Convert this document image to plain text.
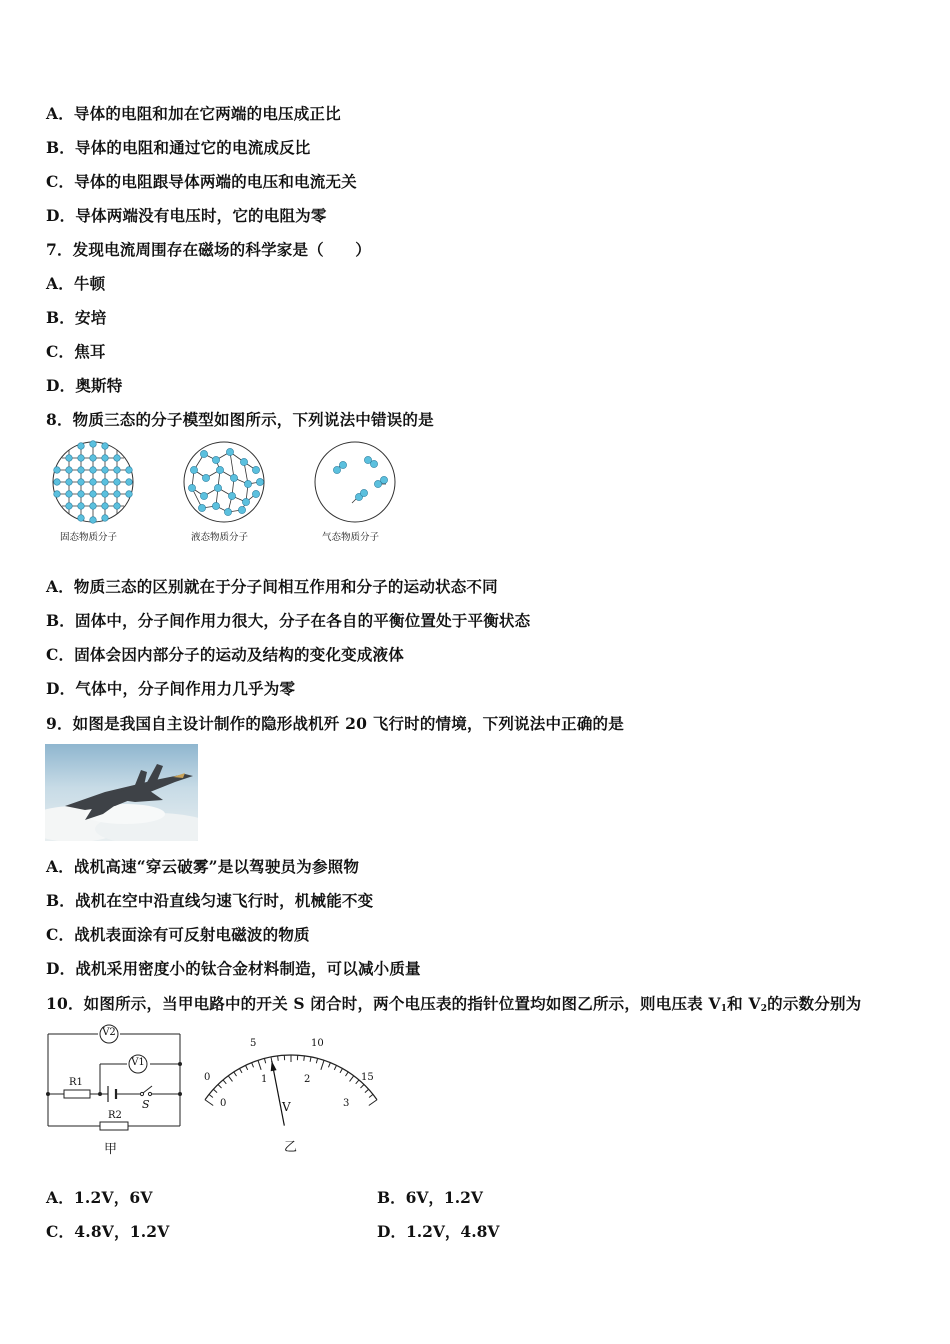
A．导体的电阻和加在它两端的电压成正比
B．导体的电阻和通过它的电流成反比
C．导体的电阻跟导体两端的电压和电流无关
D．导体两端没有电压时，它的电阻为零
7．发现电流周围存在磁场的科学家是（　　）
A．牛顿
B．安培
C．焦耳
D．奥斯特
8．物质三态的分子模型如图所示，下列说法中错误的是
固态物质分子	液态物质分子	气态物质分子
A．物质三态的区别就在于分子间相互作用和分子的运动状态不同
B．固体中，分子间作用力很大，分子在各自的平衡位置处于平衡状态
C．固体会因内部分子的运动及结构的变化变成液体
D．气体中，分子间作用力几乎为零
9．如图是我国自主设计制作的隐形战机歼 20 飞行时的情境，下列说法中正确的是
A．战机高速“穿云破雾”是以驾驶员为参照物
B．战机在空中沿直线匀速飞行时，机械能不变
C．战机表面涂有可反射电磁波的物质
D．战机采用密度小的钛合金材料制造，可以减小质量
10．如图所示，当甲电路中的开关 S 闭合时，两个电压表的指针位置均如图乙所示，则电压表 $V_1$和 $V_2$的示数分别为
V2
V1
R1
R2
S
甲
0
5	10
15
0
1	2
3
V
乙
A．1.2V，6V	B．6V，1.2V
C．4.8V，1.2V	D．1.2V，4.8V
